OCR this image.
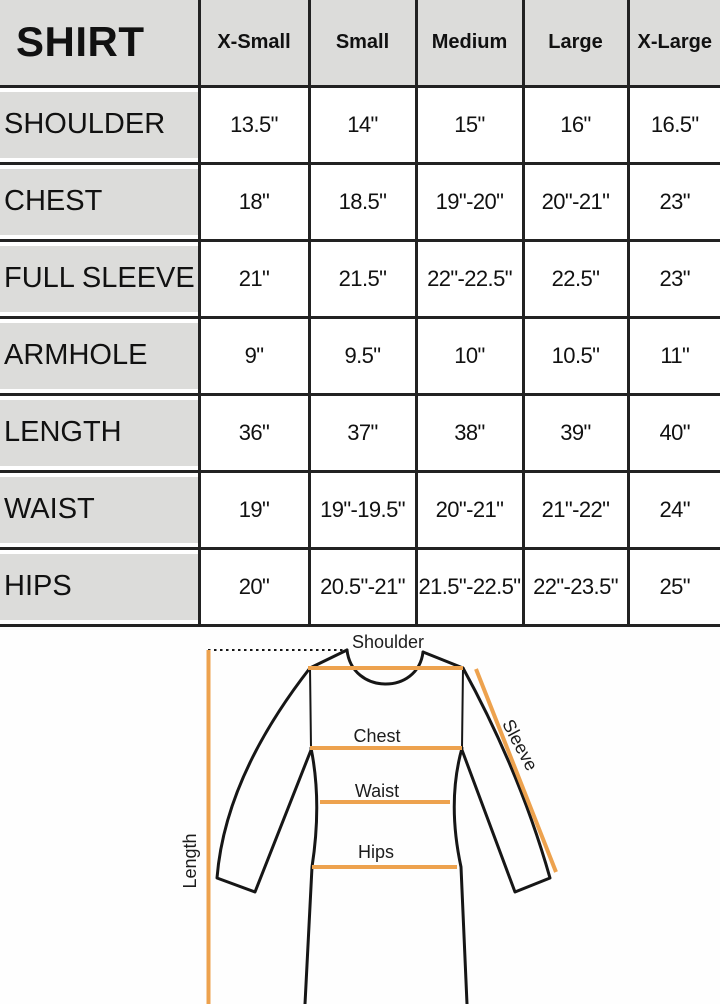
SHIRT	X-Small	Small	Medium	Large	X-Large

SHOULDER	13.5"	14"	15"	16"	16.5"

CHEST	18"	18.5"	19"-20"	20"-21"	23"

FULL SLEEVE	21"	21.5"	22"-22.5"	22.5"	23"

ARMHOLE	9"	9.5"	10"	10.5"	11"

LENGTH	36"	37"	38"	39"	40"

WAIST	19"	19"-19.5"	20"-21"	21"-22"	24"

HIPS	20"	20.5"-21"	21.5"-22.5"	22"-23.5"	25"
Shoulder
Chest
Waist
Hips
Length
Sleeve
